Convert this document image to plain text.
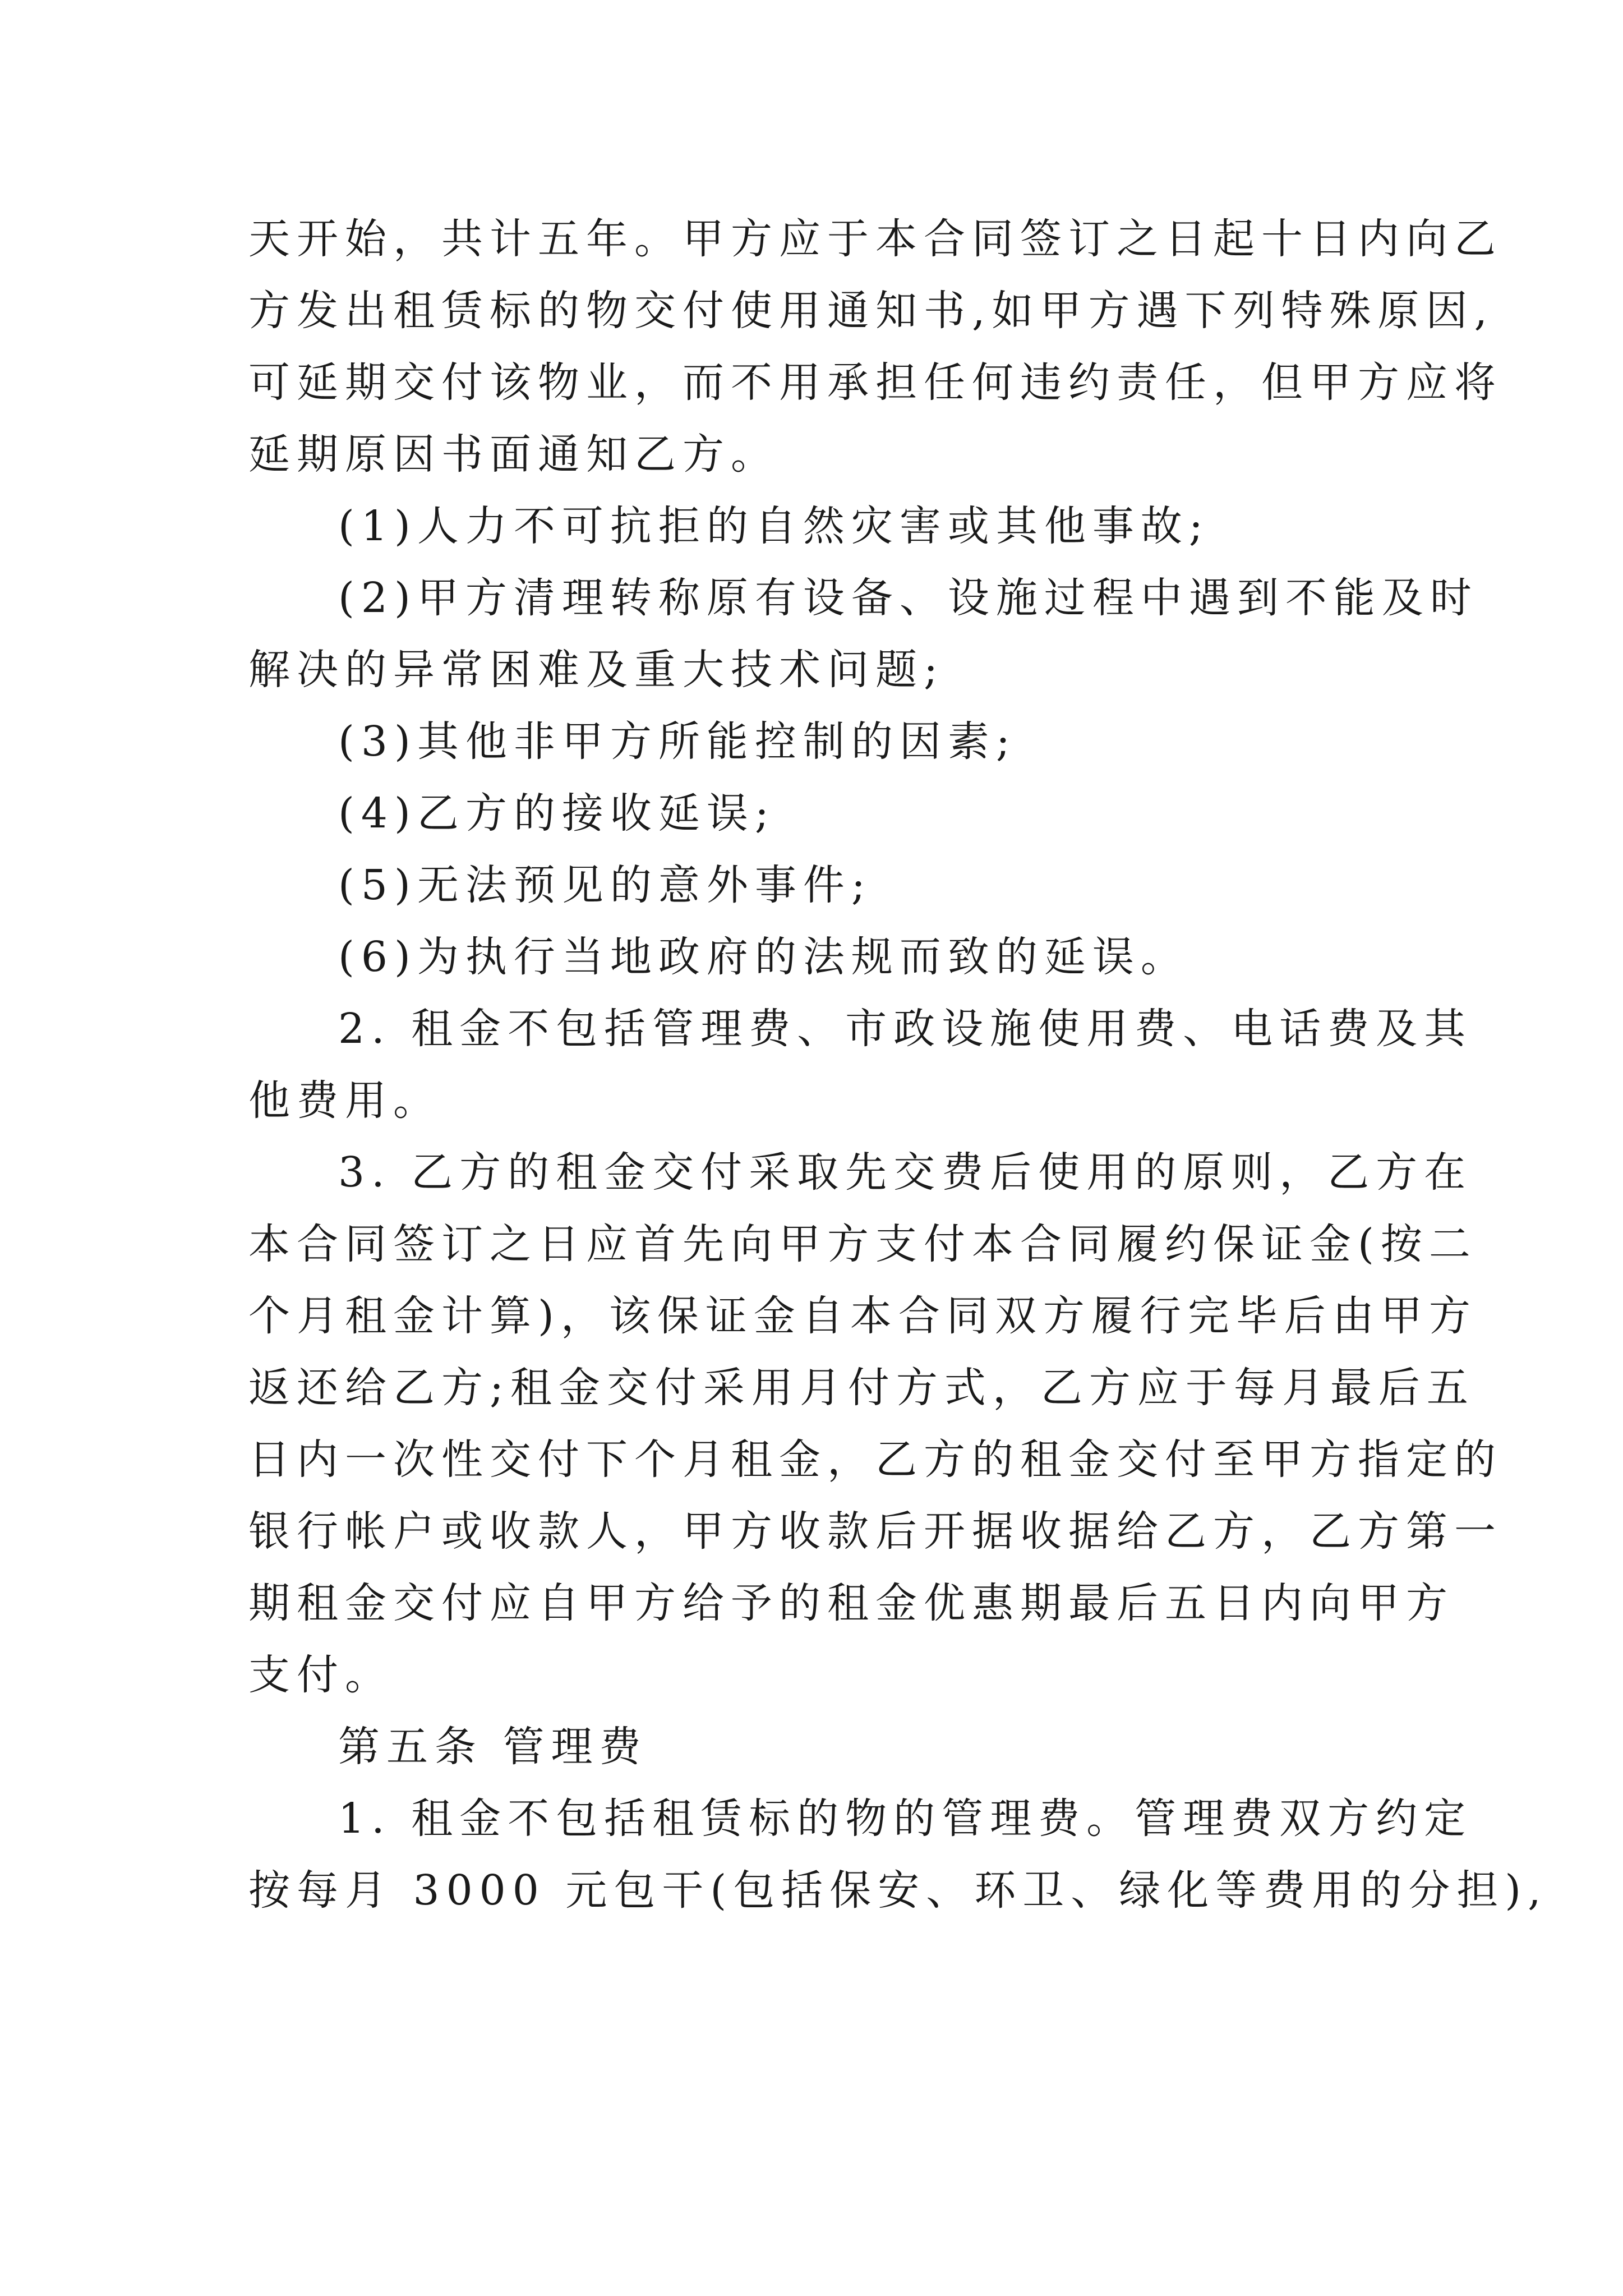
天开始，共计五年。甲方应于本合同签订之日起十日内向乙
方发出租赁标的物交付使用通知书,如甲方遇下列特殊原因,
可延期交付该物业，而不用承担任何违约责任，但甲方应将
延期原因书面通知乙方。
(1)人力不可抗拒的自然灾害或其他事故;
(2)甲方清理转称原有设备、设施过程中遇到不能及时
解决的异常困难及重大技术问题;
(3)其他非甲方所能控制的因素;
(4)乙方的接收延误;
(5)无法预见的意外事件;
(6)为执行当地政府的法规而致的延误。
2. 租金不包括管理费、市政设施使用费、电话费及其
他费用。
3. 乙方的租金交付采取先交费后使用的原则，乙方在
本合同签订之日应首先向甲方支付本合同履约保证金(按二
个月租金计算)，该保证金自本合同双方履行完毕后由甲方
返还给乙方;租金交付采用月付方式，乙方应于每月最后五
日内一次性交付下个月租金，乙方的租金交付至甲方指定的
银行帐户或收款人，甲方收款后开据收据给乙方，乙方第一
期租金交付应自甲方给予的租金优惠期最后五日内向甲方
支付。
第五条 管理费
1. 租金不包括租赁标的物的管理费。管理费双方约定
按每月 3000 元包干(包括保安、环卫、绿化等费用的分担),
